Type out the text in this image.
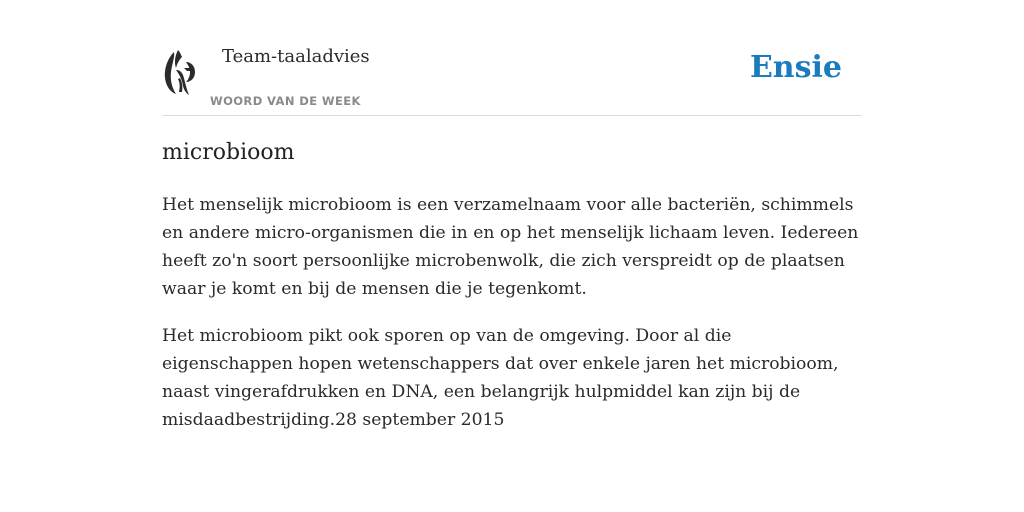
Team-taaladvies
WOORD VAN DE WEEK
Ensie
microbioom

Het menselijk microbioom is een verzamelnaam voor alle bacteriën, schimmels en andere micro-organismen die in en op het menselijk lichaam leven. Iedereen heeft zo'n soort persoonlijke microbenwolk, die zich verspreidt op de plaatsen waar je komt en bij de mensen die je tegenkomt.

Het microbioom pikt ook sporen op van de omgeving. Door al die eigenschappen hopen wetenschappers dat over enkele jaren het microbioom, naast vingerafdrukken en DNA, een belangrijk hulpmiddel kan zijn bij de misdaadbestrijding.28 september 2015
